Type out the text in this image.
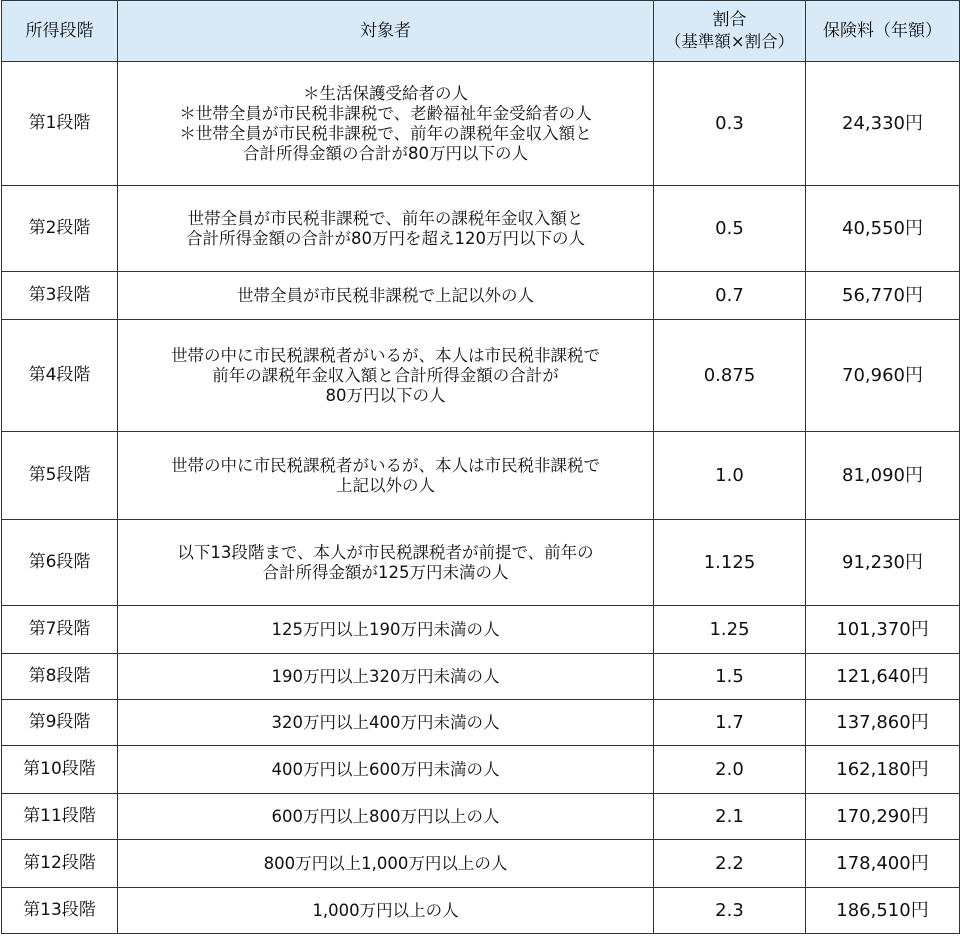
所得段階	対象者	割合
（基準額×割合）	保険料（年額）
第1段階	＊生活保護受給者の人
＊世帯全員が市民税非課税で、老齢福祉年金受給者の人
＊世帯全員が市民税非課税で、前年の課税年金収入額と
合計所得金額の合計が80万円以下の人	0.3	24,330円
第2段階	世帯全員が市民税非課税で、前年の課税年金収入額と
合計所得金額の合計が80万円を超え120万円以下の人	0.5	40,550円
第3段階	世帯全員が市民税非課税で上記以外の人	0.7	56,770円
第4段階	世帯の中に市民税課税者がいるが、本人は市民税非課税で
前年の課税年金収入額と合計所得金額の合計が
80万円以下の人	0.875	70,960円
第5段階	世帯の中に市民税課税者がいるが、本人は市民税非課税で
上記以外の人	1.0	81,090円
第6段階	以下13段階まで、本人が市民税課税者が前提で、前年の
合計所得金額が125万円未満の人	1.125	91,230円
第7段階	125万円以上190万円未満の人	1.25	101,370円
第8段階	190万円以上320万円未満の人	1.5	121,640円
第9段階	320万円以上400万円未満の人	1.7	137,860円
第10段階	400万円以上600万円未満の人	2.0	162,180円
第11段階	600万円以上800万円以上の人	2.1	170,290円
第12段階	800万円以上1,000万円以上の人	2.2	178,400円
第13段階	1,000万円以上の人	2.3	186,510円
